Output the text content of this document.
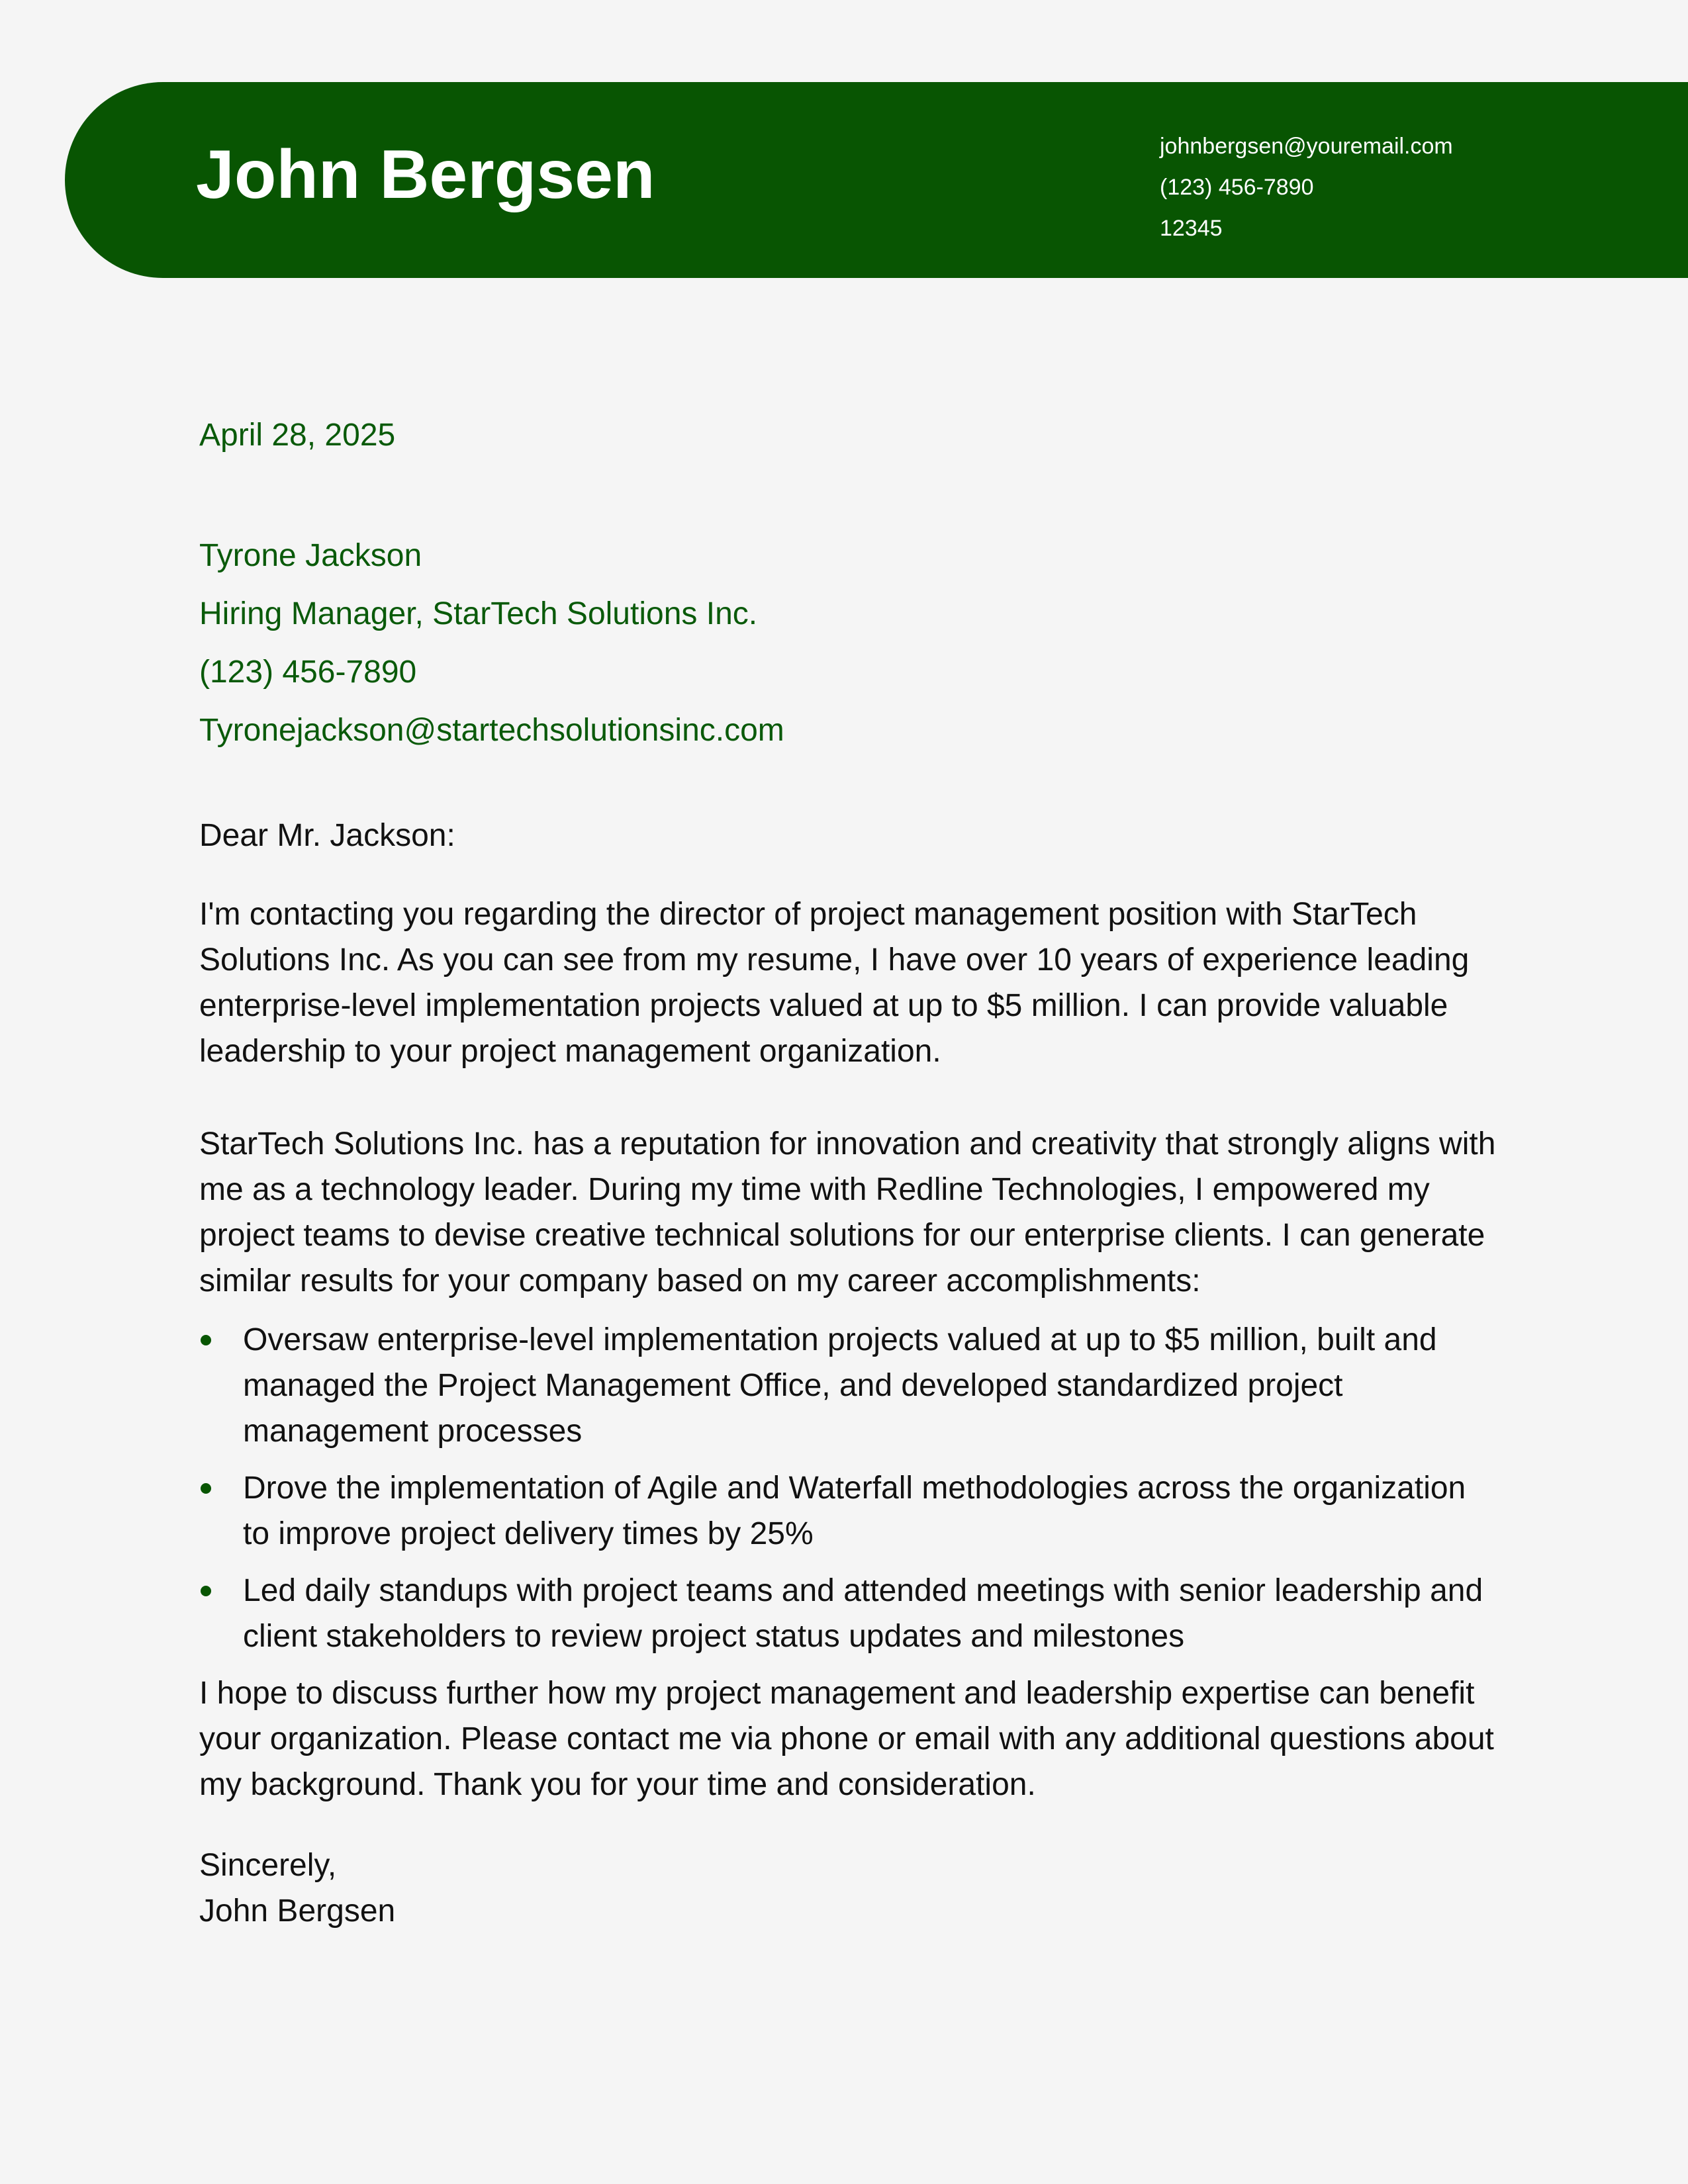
John Bergsen	johnbergsen@youremail.com
(123) 456-7890
12345
April 28, 2025
Tyrone Jackson
Hiring Manager, StarTech Solutions Inc.
(123) 456-7890
Tyronejackson@startechsolutionsinc.com

Dear Mr. Jackson:

I'm contacting you regarding the director of project management position with StarTech Solutions Inc. As you can see from my resume, I have over 10 years of experience leading enterprise-level implementation projects valued at up to $5 million. I can provide valuable leadership to your project management organization.

StarTech Solutions Inc. has a reputation for innovation and creativity that strongly aligns with me as a technology leader. During my time with Redline Technologies, I empowered my project teams to devise creative technical solutions for our enterprise clients. I can generate similar results for your company based on my career accomplishments:

Oversaw enterprise-level implementation projects valued at up to $5 million, built and managed the Project Management Office, and developed standardized project management processes
Drove the implementation of Agile and Waterfall methodologies across the organization to improve project delivery times by 25%
Led daily standups with project teams and attended meetings with senior leadership and client stakeholders to review project status updates and milestones

I hope to discuss further how my project management and leadership expertise can benefit your organization. Please contact me via phone or email with any additional questions about my background. Thank you for your time and consideration.

Sincerely,

John Bergsen
